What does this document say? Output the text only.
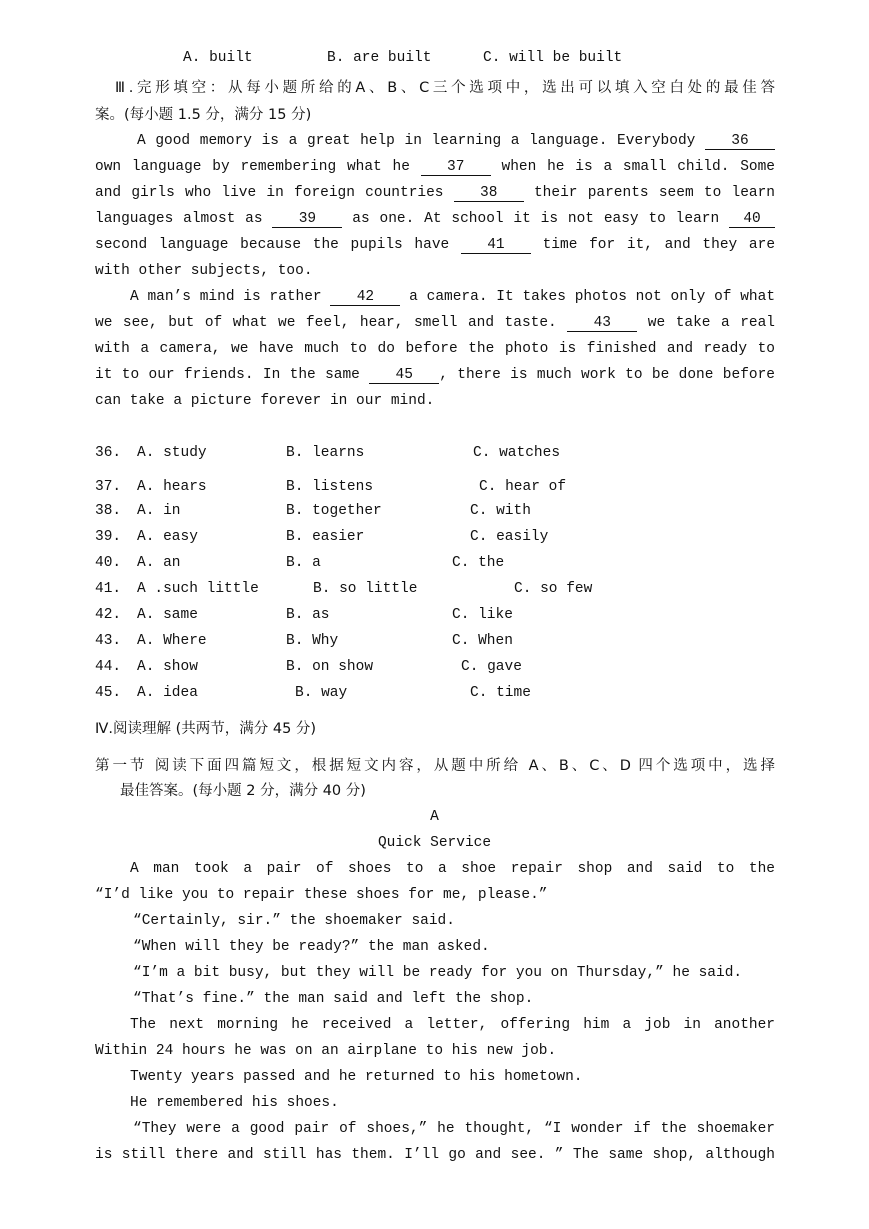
A. built	B. are built	C. will be built
Ⅲ.完形填空：从每小题所给的A、B、C三个选项中，选出可以填入空白处的最佳答
案。(每小题 1.5 分，满分 15 分)
A good memory is a great help in learning a language. Everybody 36
own language by remembering what he	37	when he is a small child. Some
and girls who live in foreign countries	38	their parents seem to learn
languages almost as 39 as one. At school it is not easy to learn 40
second language because the pupils have	41	time for it, and they are
with other subjects, too.
A man’s mind is rather 42 a camera. It takes photos not only of what
we see, but of what we feel, hear, smell and taste.	43	we take a real
with a camera, we have much to do before the photo is finished and ready to
it to our friends. In the same 45 , there is much work to be done before
can take a picture forever in our mind.
36. A. study	B. learns	C. watches
37. A. hears	B. listens	C. hear of
38. A. in	B. together	C. with
39. A. easy	B. easier	C. easily
40. A. an	B. a	C. the
41. A .such little	B. so little	C. so few
42. A. same	B. as	C. like
43. A. Where	B. Why	C. When
44. A. show	B. on show	C. gave
45. A. idea	B. way	C. time
Ⅳ.阅读理解 (共两节，满分 45 分)
第一节 阅读下面四篇短文，根据短文内容，从题中所给 A、B、C、D 四个选项中，选择
最佳答案。(每小题 2 分，满分 40 分)
A
Quick Service
A man took a pair of shoes to a shoe repair shop and said to the
“I’d like you to repair these shoes for me, please.”
“Certainly, sir.” the shoemaker said.
“When will they be ready?” the man asked.
“I’m a bit busy, but they will be ready for you on Thursday,” he said.
“That’s fine.” the man said and left the shop.
The next morning he received a letter, offering him a job in another
Within 24 hours he was on an airplane to his new job.
Twenty years passed and he returned to his hometown.
He remembered his shoes.
“They were a good pair of shoes,” he thought, “I wonder if the shoemaker
is still there and still has them. I’ll go and see. ” The same shop, although
